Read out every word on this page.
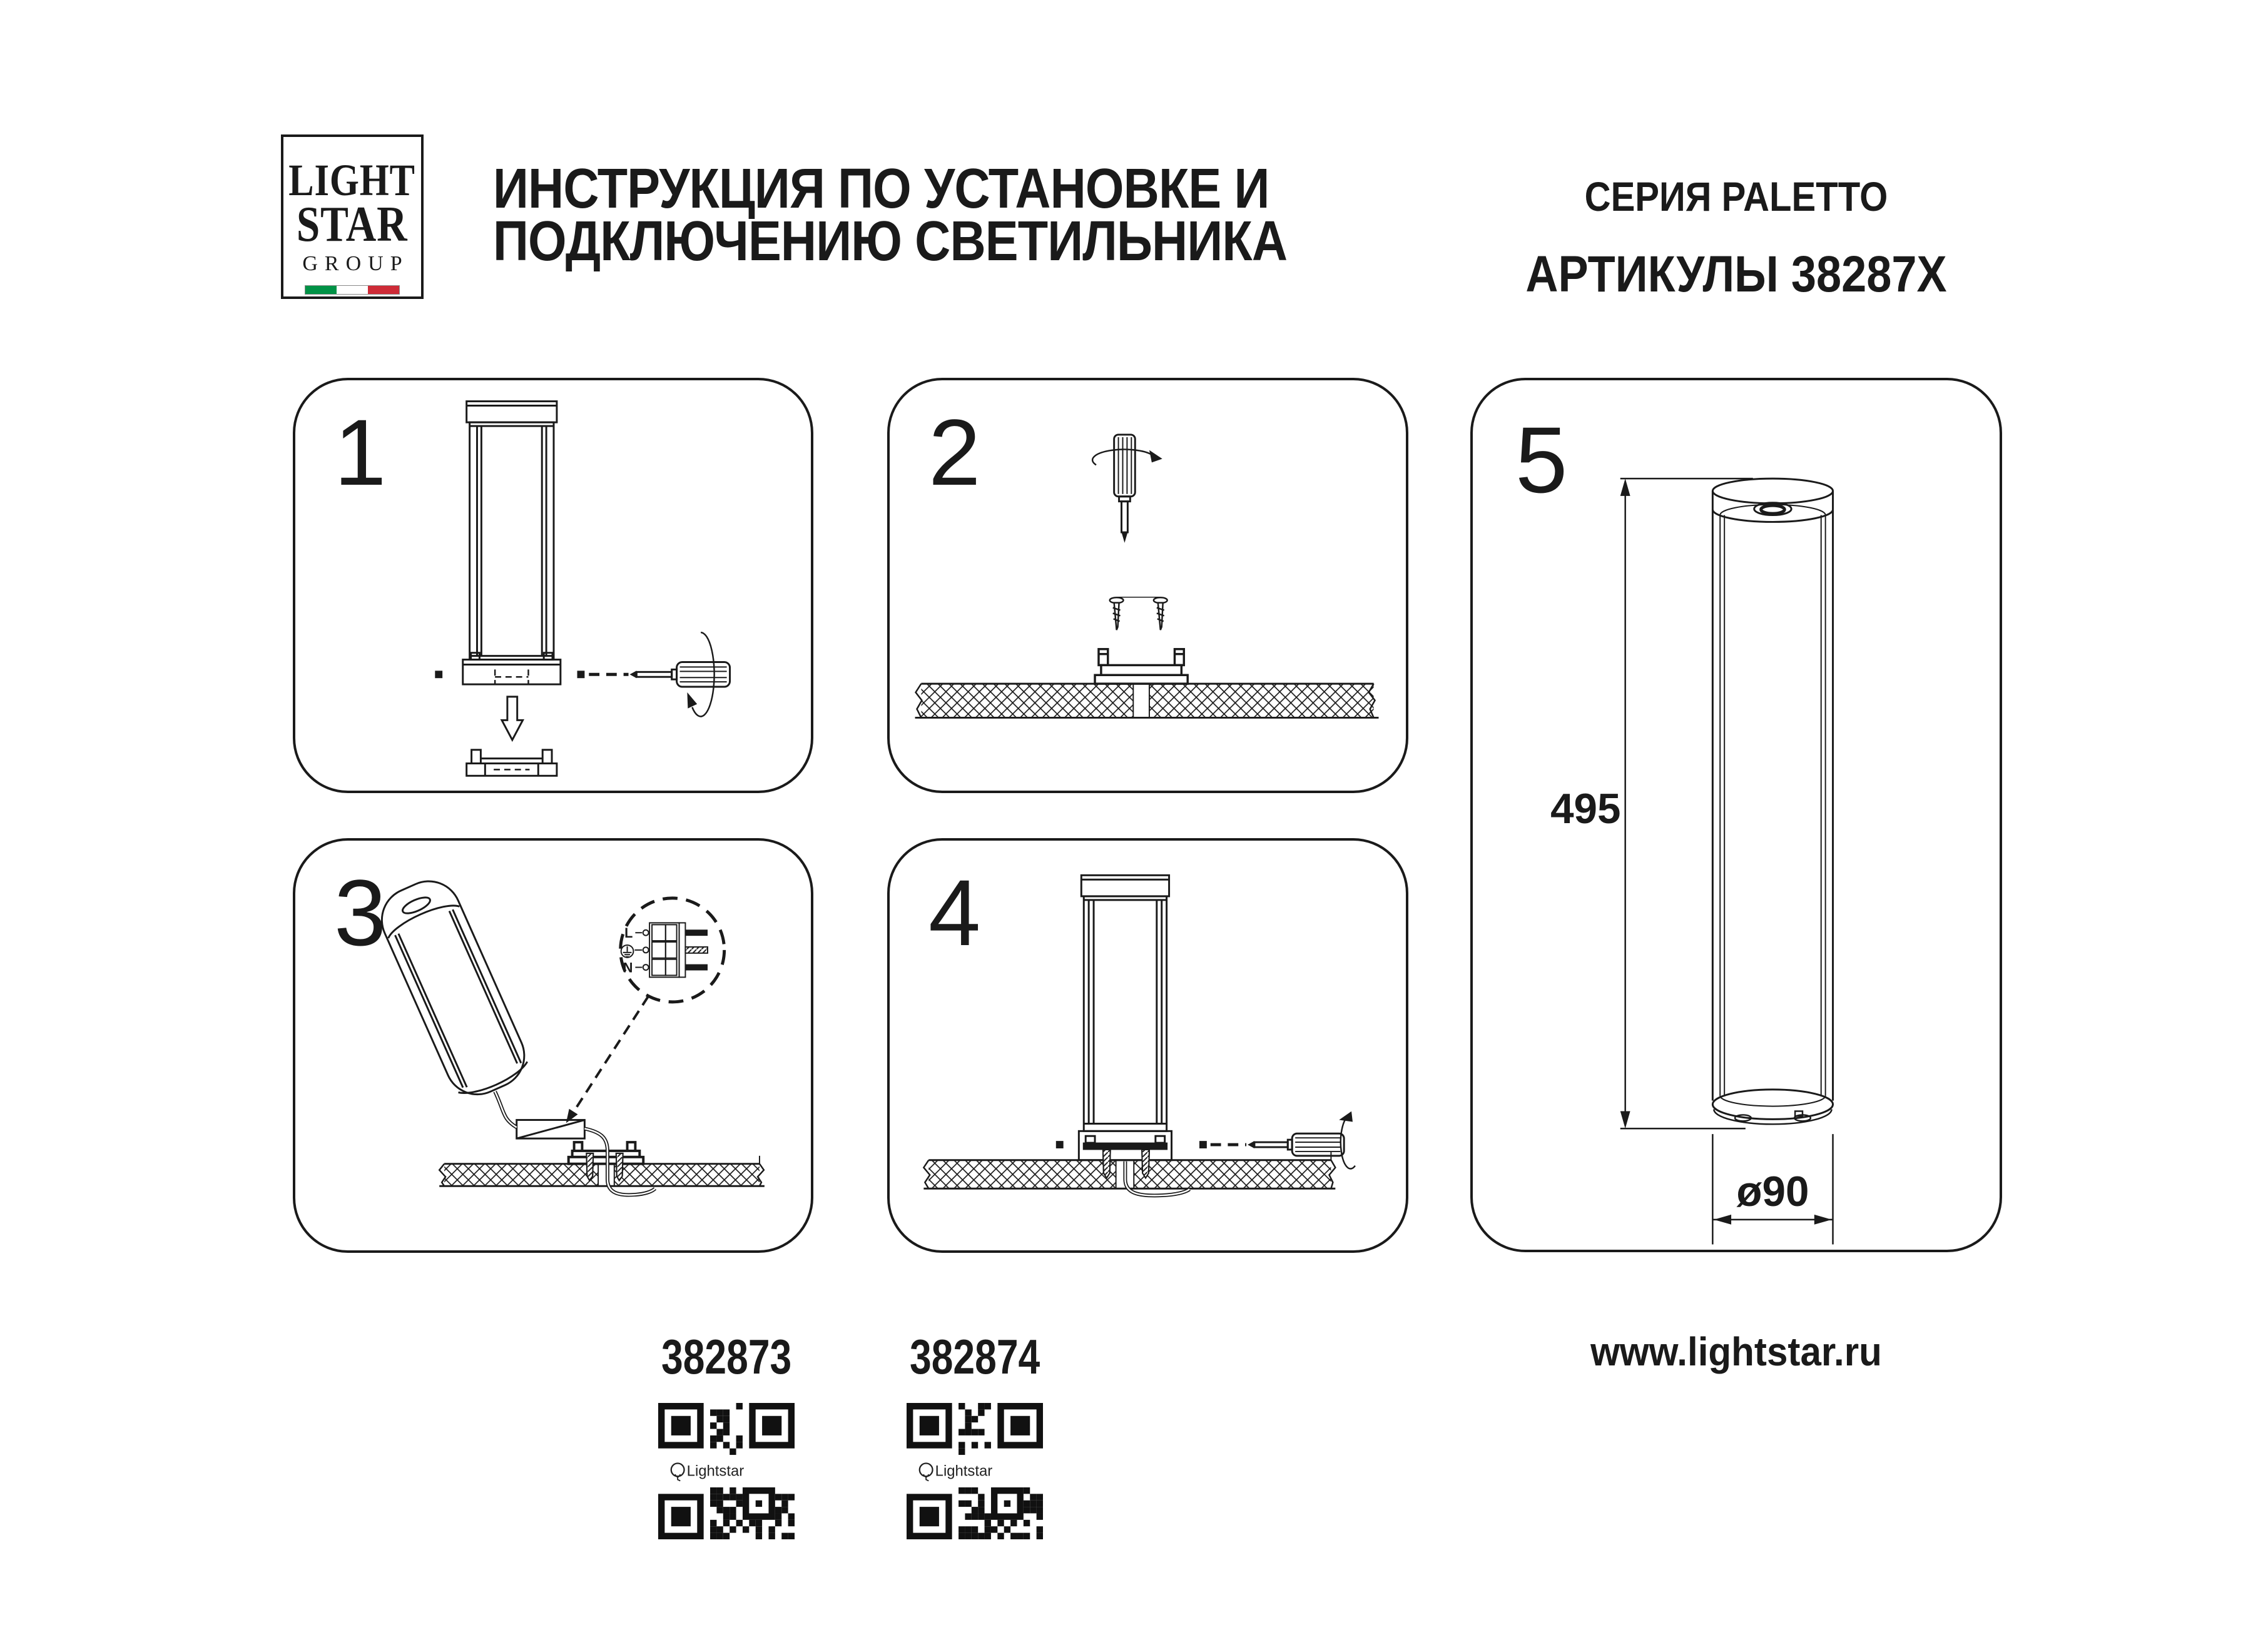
LIGHT
STAR
GROUP
ИНСТРУКЦИЯ ПО УСТАНОВКЕ И
ПОДКЛЮЧЕНИЮ СВЕТИЛЬНИКА
СЕРИЯ PALETTO
АРТИКУЛЫ 38287X
1	2
3	L
N
4
5
495
ø90
382873
Lightstar
382874
Lightstar
www.lightstar.ru
